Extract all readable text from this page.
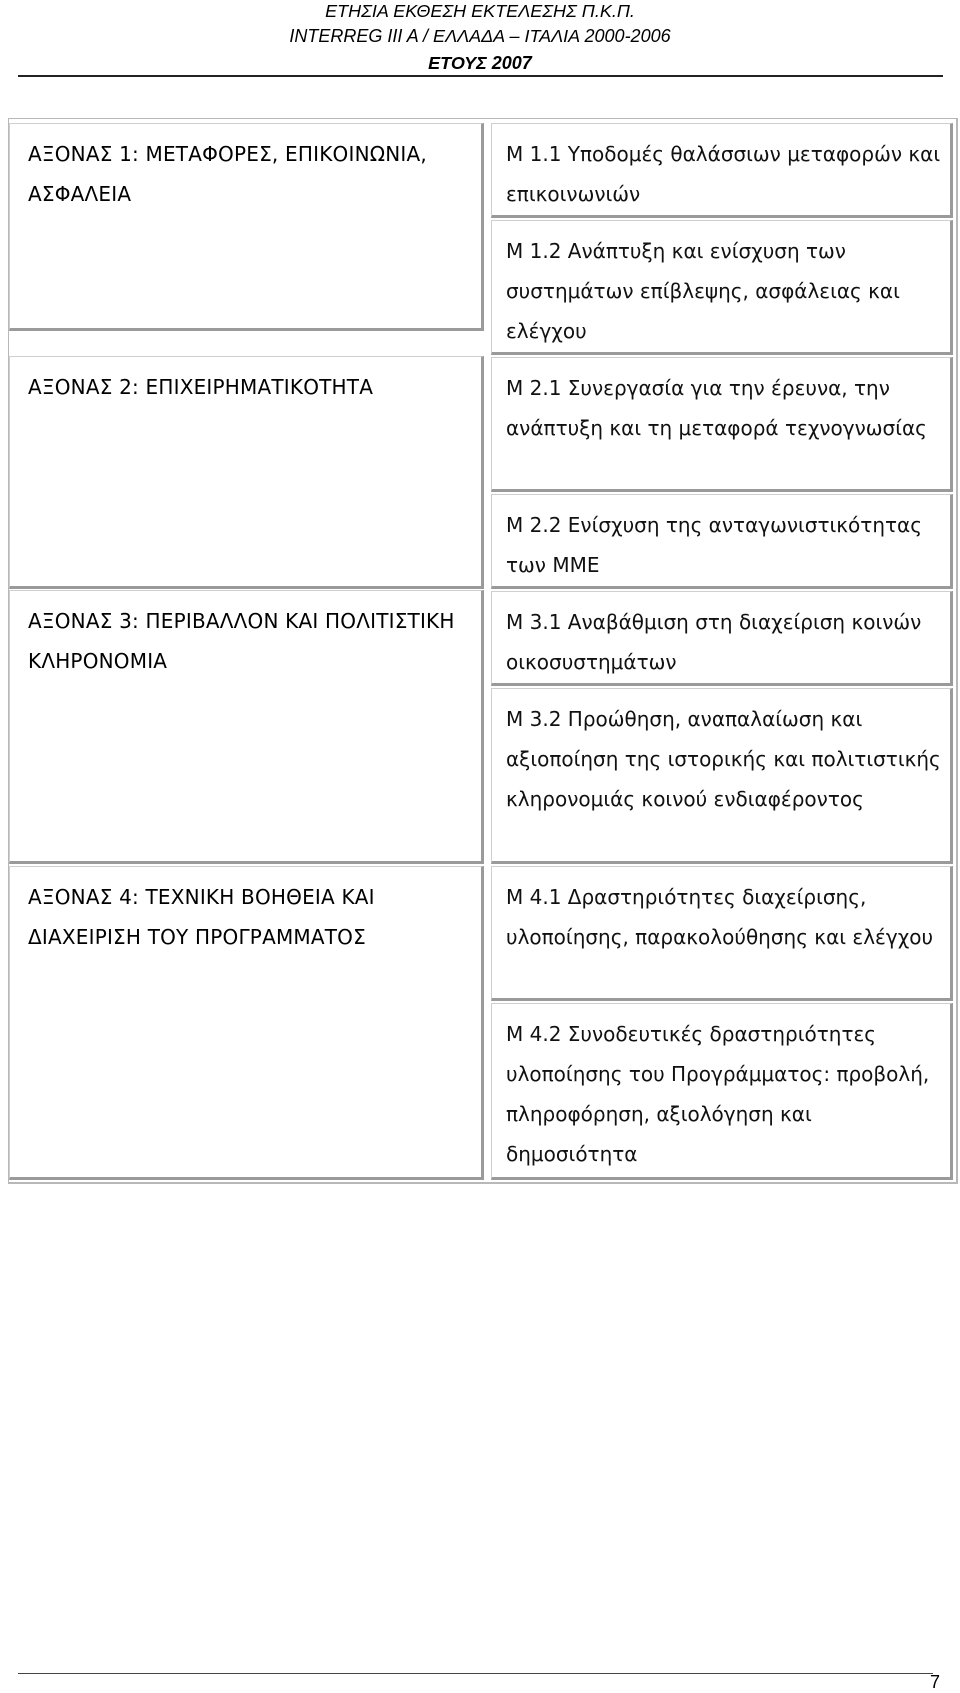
ΕΤΗΣΙΑ ΕΚΘΕΣΗ ΕΚΤΕΛΕΣΗΣ Π.Κ.Π.
INTERREG III A / ΕΛΛΑΔΑ – ΙΤΑΛΙΑ 2000-2006
ΕΤΟΥΣ 2007
ΑΞΟΝΑΣ 1: ΜΕΤΑΦΟΡΕΣ, ΕΠΙΚΟΙΝΩΝΙΑ, ΑΣΦΑΛΕΙΑ
ΑΞΟΝΑΣ 2: ΕΠΙΧΕΙΡΗΜΑΤΙΚΟΤΗΤΑ
ΑΞΟΝΑΣ 3: ΠΕΡΙΒΑΛΛΟΝ ΚΑΙ ΠΟΛΙΤΙΣΤΙΚΗ ΚΛΗΡΟΝΟΜΙΑ
ΑΞΟΝΑΣ 4: ΤΕΧΝΙΚΗ ΒΟΗΘΕΙΑ ΚΑΙ ΔΙΑΧΕΙΡΙΣΗ ΤΟΥ ΠΡΟΓΡΑΜΜΑΤΟΣ
Μ 1.1 Υποδομές θαλάσσιων μεταφορών και επικοινωνιών
Μ 1.2 Ανάπτυξη και ενίσχυση των συστημάτων επίβλεψης, ασφάλειας και ελέγχου
Μ 2.1 Συνεργασία για την έρευνα, την ανάπτυξη και τη μεταφορά τεχνογνωσίας
Μ 2.2 Ενίσχυση της ανταγωνιστικότητας των ΜΜΕ
Μ 3.1 Αναβάθμιση στη διαχείριση κοινών οικοσυστημάτων
Μ 3.2 Προώθηση, αναπαλαίωση και αξιοποίηση της ιστορικής και πολιτιστικής κληρονομιάς κοινού ενδιαφέροντος
Μ 4.1 Δραστηριότητες διαχείρισης, υλοποίησης, παρακολούθησης και ελέγχου
Μ 4.2 Συνοδευτικές δραστηριότητες υλοποίησης του Προγράμματος: προβολή, πληροφόρηση, αξιολόγηση και δημοσιότητα
7
